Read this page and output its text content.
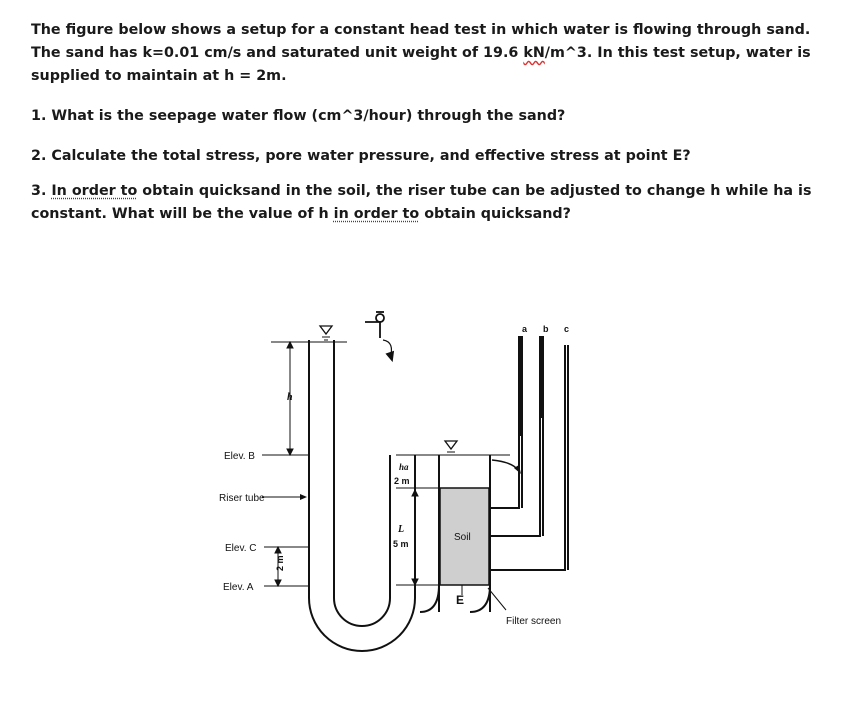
The figure below shows a setup for a constant head test in which water is flowing through sand. The sand has k=0.01 cm/s and saturated unit weight of 19.6 kN/m^3. In this test setup, water is supplied to maintain at h = 2m.
1. What is the seepage water flow (cm^3/hour) through the sand?
2. Calculate the total stress, pore water pressure, and effective stress at point E?
3. In order to obtain quicksand in the soil, the riser tube can be adjusted to change h while ha is constant. What will be the value of h in order to obtain quicksand?
Soil
E
a b c
Filter screen
h
Elev. B
Riser tube
Elev. C
Elev. A
2 m
ha
2 m
L
5 m
